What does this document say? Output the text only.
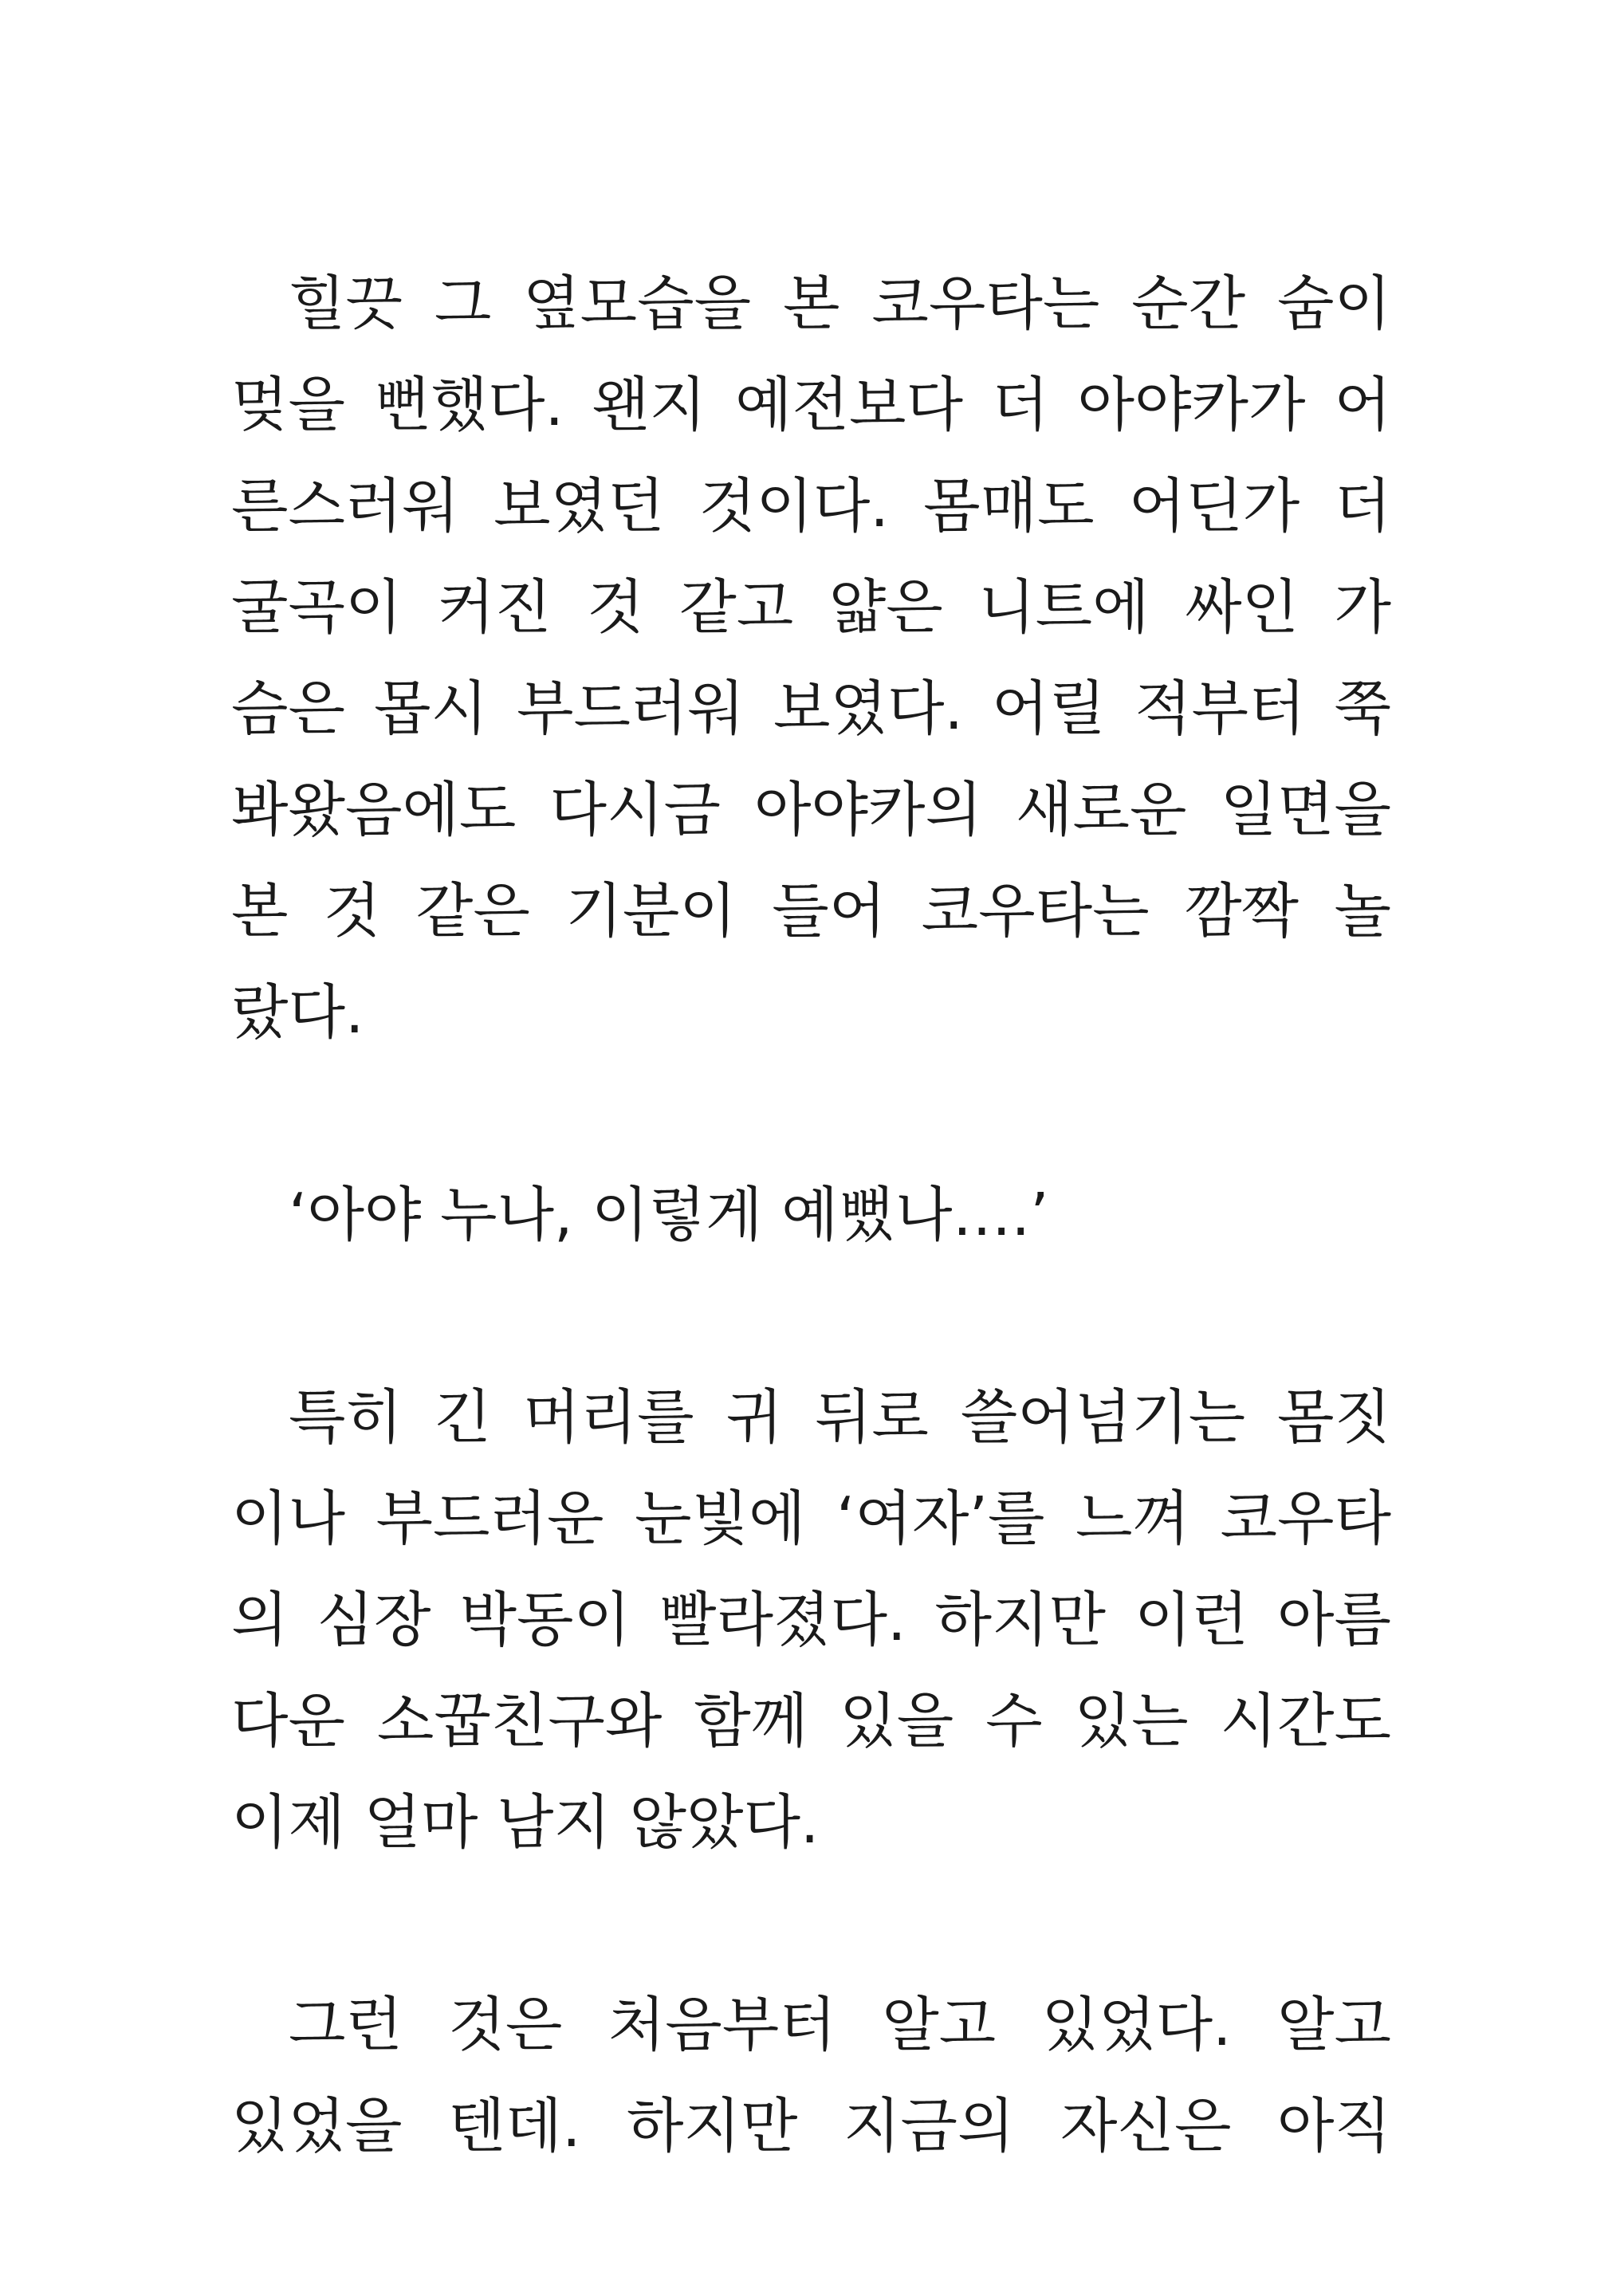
힐끗 그 옆모습을 본 코우타는 순간 숨이
멎을 뻔했다. 왠지 예전보다 더 아야카가 어
른스러워 보였던 것이다. 몸매도 어딘가 더
굴곡이 커진 것 같고 얇은 니트에 싸인 가
슴은 몹시 부드러워 보였다. 어릴 적부터 쭉
봐왔음에도 다시금 아야카의 새로운 일면을
본 것 같은 기분이 들어 코우타는 깜짝 놀
랐다.
‘아야 누나, 이렇게 예뻤나….’
특히 긴 머리를 귀 뒤로 쓸어넘기는 몸짓
이나 부드러운 눈빛에 ‘여자’를 느껴 코우타
의 심장 박동이 빨라졌다. 하지만 이런 아름
다운 소꿉친구와 함께 있을 수 있는 시간도
이제 얼마 남지 않았다.
그런 것은 처음부터 알고 있었다. 알고
있었을 텐데. 하지만 지금의 자신은 아직
